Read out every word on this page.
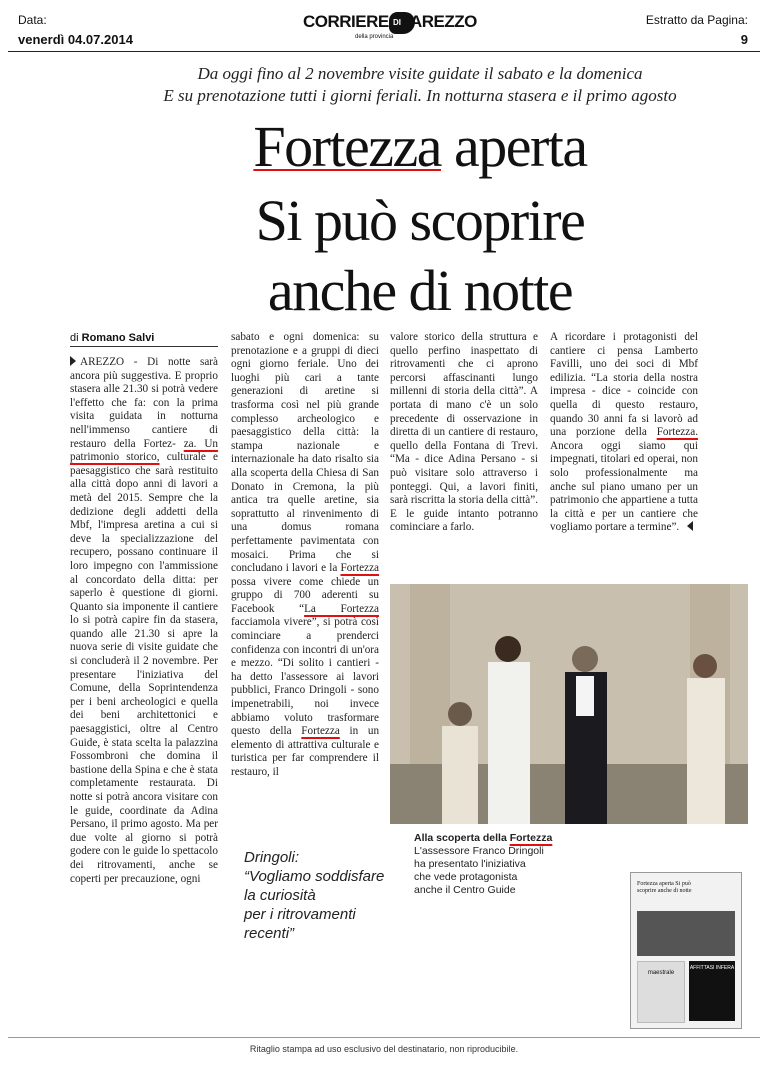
Data:
venerdì 04.07.2014
Estratto da Pagina:
9
CORRIERE DI AREZZO
della provincia
Da oggi fino al 2 novembre visite guidate il sabato e la domenica
E su prenotazione tutti i giorni feriali. In notturna stasera e il primo agosto
Fortezza aperta
Si può scoprire
anche di notte
di Romano Salvi

AREZZO - Di notte sarà ancora più suggestiva. E proprio stasera alle 21.30 si potrà vedere l'effetto che fa: con la prima visita guidata in notturna nell'immenso cantiere di restauro della Fortez- za. Un patrimonio storico, culturale e paesaggistico che sarà restituito alla città dopo anni di lavori a metà del 2015. Sempre che la dedizione degli addetti della Mbf, l'impresa aretina a cui si deve la specializzazione del recupero, possano continuare il loro impegno con l'ammissione al concordato della ditta: per saperlo è questione di giorni. Quanto sia imponente il cantiere lo si potrà capire fin da stasera, quando alle 21.30 si apre la nuova serie di visite guidate che si concluderà il 2 novembre. Per presentare l'iniziativa del Comune, della Soprintendenza per i beni archeologici e quella dei beni architettonici e paesaggistici, oltre al Centro Guide, è stata scelta la palazzina Fossombroni che domina il bastione della Spina e che è stata completamente restaurata. Di notte si potrà ancora visitare con le guide, coordinate da Adina Persano, il primo agosto. Ma per due volte al giorno si potrà godere con le guide lo spettacolo dei ritrovamenti, anche se coperti per precauzione, ogni

sabato e ogni domenica: su prenotazione e a gruppi di dieci ogni giorno feriale. Uno dei luoghi più cari a tante generazioni di aretine si trasforma così nel più grande complesso archeologico e paesaggistico della città: la stampa nazionale e internazionale ha dato risalto sia alla scoperta della Chiesa di San Donato in Cremona, la più antica tra quelle aretine, sia soprattutto al rinvenimento di una domus romana perfettamente pavimentata con mosaici. Prima che si concludano i lavori e la Fortezza possa vivere come chiede un gruppo di 700 aderenti su Facebook “La Fortezza facciamola vivere”, si potrà così cominciare a prenderci confidenza con incontri di un'ora e mezzo. “Di solito i cantieri - ha detto l'assessore ai lavori pubblici, Franco Dringoli - sono impenetrabili, noi invece abbiamo voluto trasformare questo della Fortezza in un elemento di attrattiva culturale e turistica per far comprendere il restauro, il

valore storico della struttura e quello perfino inaspettato di ritrovamenti che ci aprono percorsi affascinanti lungo millenni di storia della città”. A portata di mano c'è un solo precedente di osservazione in diretta di un cantiere di restauro, quello della Fontana di Trevi. “Ma - dice Adina Persano - si può visitare solo attraverso i ponteggi. Qui, a lavori finiti, sarà riscritta la storia della città”. E le guide intanto potranno cominciare a farlo.

A ricordare i protagonisti del cantiere ci pensa Lamberto Favilli, uno dei soci di Mbf edilizia. “La storia della nostra impresa - dice - coincide con quella di questo restauro, quando 30 anni fa si lavorò ad una porzione della Fortezza. Ancora oggi siamo qui impegnati, titolari ed operai, non solo professionalmente ma anche sul piano umano per un patrimonio che appartiene a tutta la città e per un cantiere che vogliamo portare a termine”.

Alla scoperta della Fortezza
L'assessore Franco Dringoli
ha presentato l'iniziativa
che vede protagonista
anche il Centro Guide
Dringoli:
“Vogliamo soddisfare
la curiosità
per i ritrovamenti
recenti”
Fortezza aperta Si può scoprire anche di notte
maestrale
AFFITTASI INFERA
Ritaglio stampa ad uso esclusivo del destinatario, non riproducibile.
